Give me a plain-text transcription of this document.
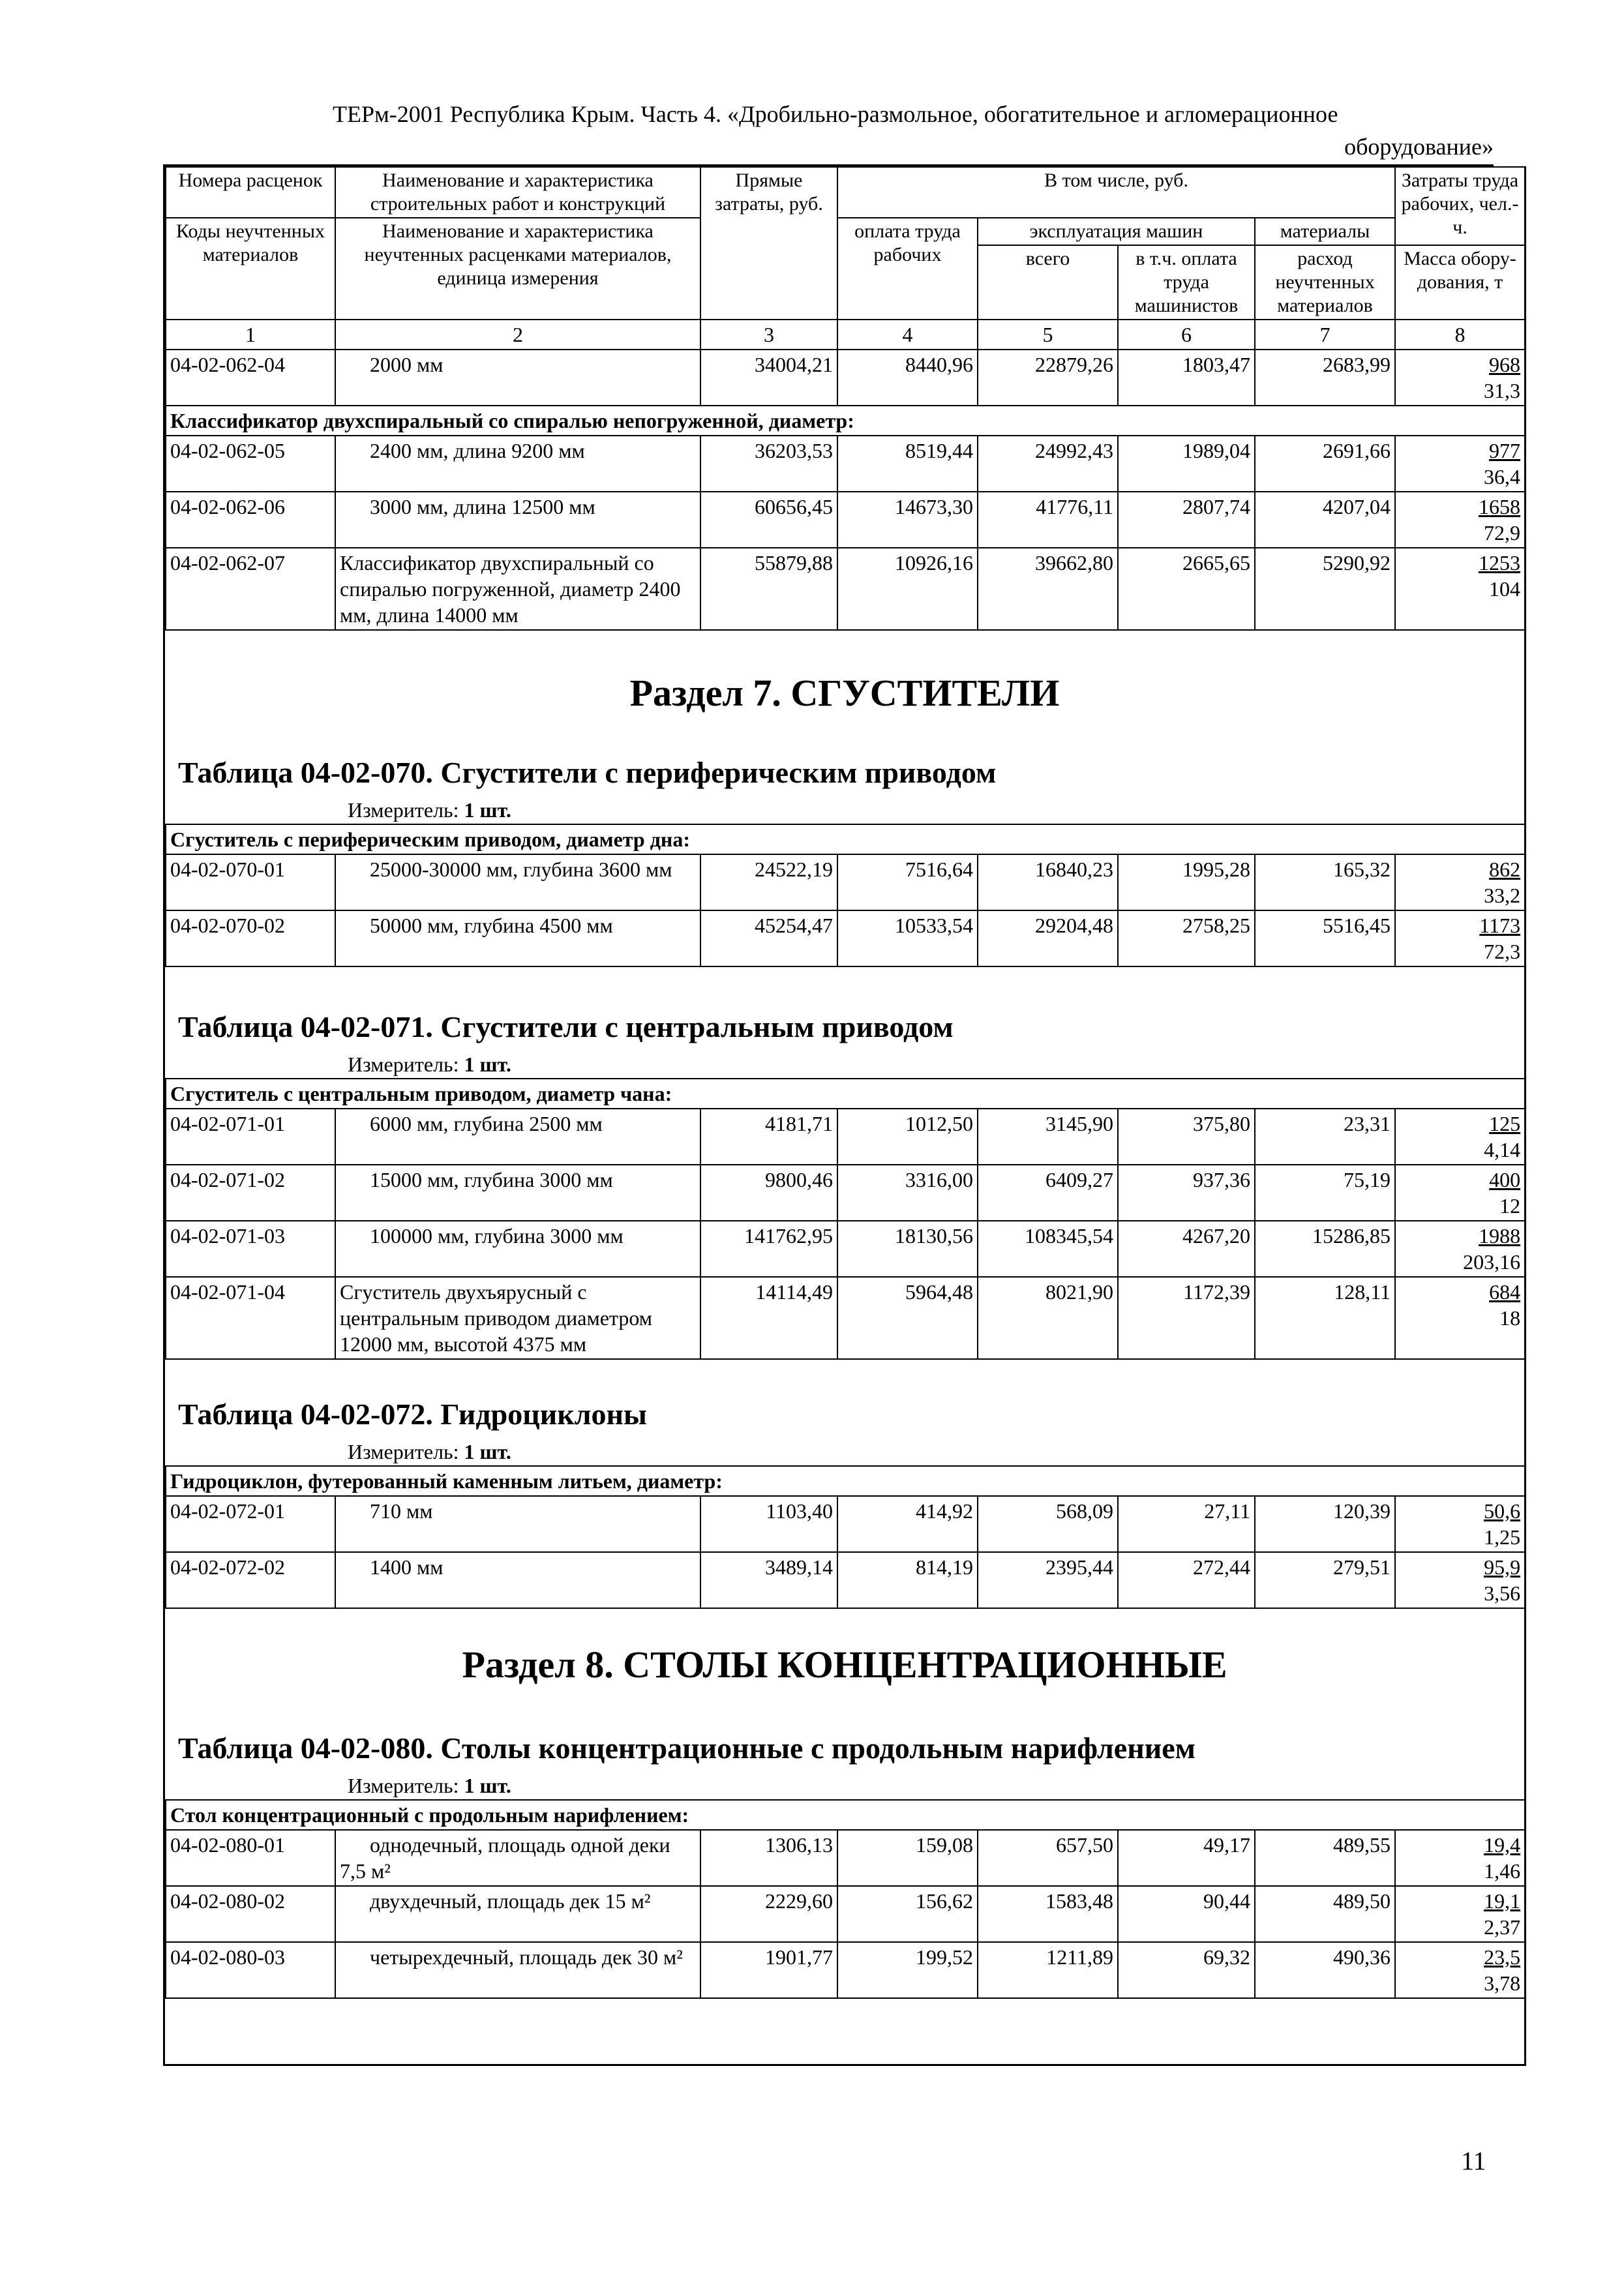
ТЕРм-2001 Республика Крым. Часть 4. «Дробильно-размольное, обогатительное и агломерационное
оборудование»
Номера расценок	Наименование и характеристика строительных работ и конструкций	Прямые затраты, руб.	В том числе, руб.				Затраты труда рабочих, чел.-ч.
Коды неучтенных материалов	Наименование и характеристика неучтенных расценками материалов, единица измерения		оплата труда рабочих	эксплуатация машин		материалы	
				всего	в т.ч. оплата труда машинистов	расход неучтенных материалов	Масса обору-дования, т
1	2	3	4	5	6	7	8
04-02-062-04	2000 мм	34004,21	8440,96	22879,26	1803,47	2683,99	968
31,3

Классификатор двухспиральный со спиралью непогруженной, диаметр:							
04-02-062-05	2400 мм, длина 9200 мм	36203,53	8519,44	24992,43	1989,04	2691,66	977
36,4

04-02-062-06	3000 мм, длина 12500 мм	60656,45	14673,30	41776,11	2807,74	4207,04	1658
72,9

04-02-062-07	Классификатор двухспиральный со спиралью погруженной, диаметр 2400 мм, длина 14000 мм	55879,88	10926,16	39662,80	2665,65	5290,92	1253
104
Раздел 7. СГУСТИТЕЛИ
Таблица 04-02-070. Сгустители с периферическим приводом
Измеритель: 1 шт.
Сгуститель с периферическим приводом, диаметр дна:							
04-02-070-01	25000-30000 мм, глубина 3600 мм	24522,19	7516,64	16840,23	1995,28	165,32	862
33,2

04-02-070-02	50000 мм, глубина 4500 мм	45254,47	10533,54	29204,48	2758,25	5516,45	1173
72,3
Таблица 04-02-071. Сгустители с центральным приводом
Измеритель: 1 шт.
Сгуститель с центральным приводом, диаметр чана:							
04-02-071-01	6000 мм, глубина 2500 мм	4181,71	1012,50	3145,90	375,80	23,31	125
4,14

04-02-071-02	15000 мм, глубина 3000 мм	9800,46	3316,00	6409,27	937,36	75,19	400
12

04-02-071-03	100000 мм, глубина 3000 мм	141762,95	18130,56	108345,54	4267,20	15286,85	1988
203,16

04-02-071-04	Сгуститель двухъярусный с центральным приводом диаметром 12000 мм, высотой 4375 мм	14114,49	5964,48	8021,90	1172,39	128,11	684
18
Таблица 04-02-072. Гидроциклоны
Измеритель: 1 шт.
Гидроциклон, футерованный каменным литьем, диаметр:							
04-02-072-01	710 мм	1103,40	414,92	568,09	27,11	120,39	50,6
1,25

04-02-072-02	1400 мм	3489,14	814,19	2395,44	272,44	279,51	95,9
3,56
Раздел 8. СТОЛЫ КОНЦЕНТРАЦИОННЫЕ
Таблица 04-02-080. Столы концентрационные с продольным нарифлением
Измеритель: 1 шт.
Стол концентрационный с продольным нарифлением:							
04-02-080-01	однодечный, площадь одной деки 7,5 м²	1306,13	159,08	657,50	49,17	489,55	19,4
1,46

04-02-080-02	двухдечный, площадь дек 15 м²	2229,60	156,62	1583,48	90,44	489,50	19,1
2,37

04-02-080-03	четырехдечный, площадь дек 30 м²	1901,77	199,52	1211,89	69,32	490,36	23,5
3,78
11
